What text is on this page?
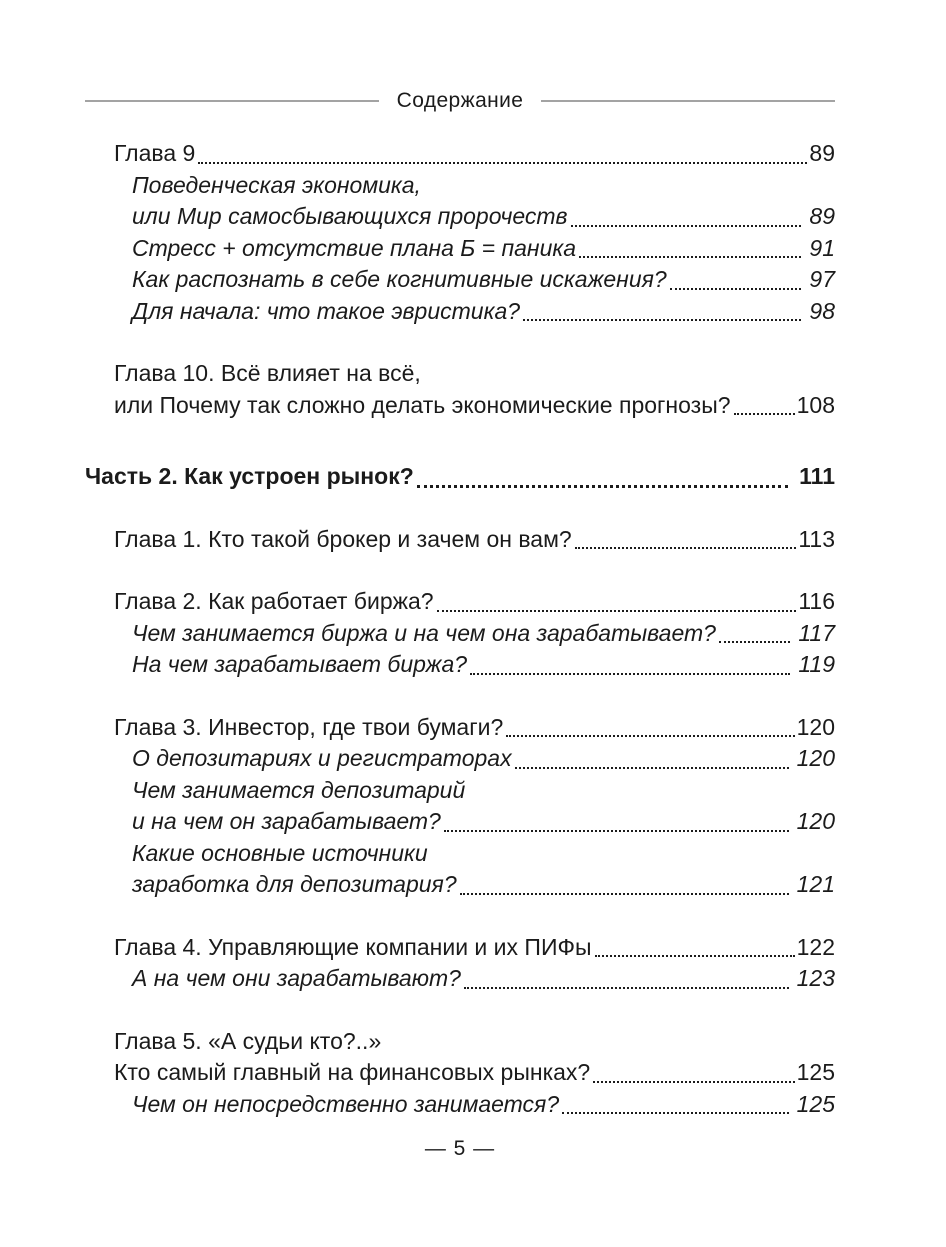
Содержание
Глава 9	89
Поведенческая экономика,
или Мир самосбывающихся пророчеств	89
Стресс + отсутствие плана Б = паника	91
Как распознать в себе когнитивные искажения?	97
Для начала: что такое эвристика?	98
Глава 10. Всё влияет на всё,
или Почему так сложно делать экономические прогнозы?	108
Часть 2. Как устроен рынок?	111
Глава 1. Кто такой брокер и зачем он вам?	113
Глава 2. Как работает биржа?	116
Чем занимается биржа и на чем она зарабатывает?	117
На чем зарабатывает биржа?	119
Глава 3. Инвестор, где твои бумаги?	120
О депозитариях и регистраторах	120
Чем занимается депозитарий
и на чем он зарабатывает?	120
Какие основные источники
заработка для депозитария?	121
Глава 4. Управляющие компании и их ПИФы	122
А на чем они зарабатывают?	123
Глава 5. «А судьи кто?..»
Кто самый главный на финансовых рынках?	125
Чем он непосредственно занимается?	125
— 5 —
